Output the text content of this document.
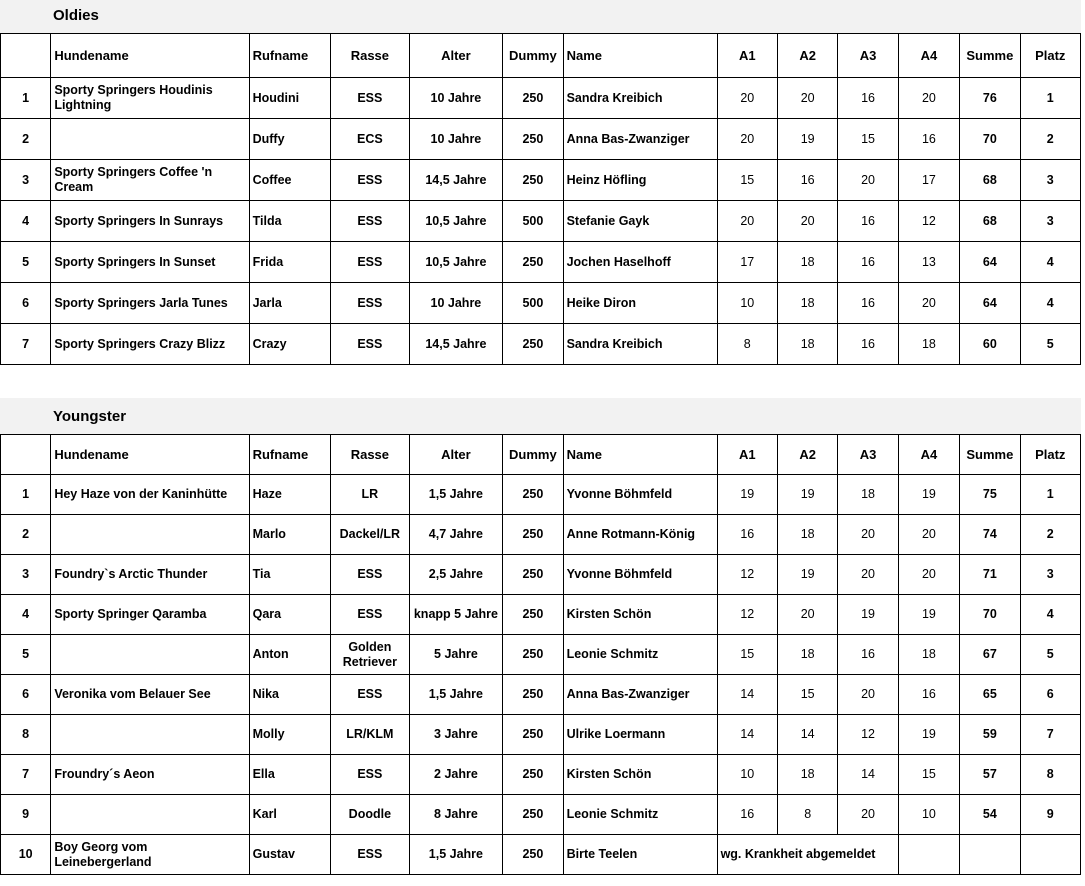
Oldies
	Hundename	Rufname	Rasse	Alter	Dummy	Name	A1	A2	A3	A4	Summe	Platz
1	Sporty Springers Houdinis Lightning	Houdini	ESS	10 Jahre	250	Sandra Kreibich	20	20	16	20	76	1
2		Duffy	ECS	10 Jahre	250	Anna Bas-Zwanziger	20	19	15	16	70	2
3	Sporty Springers Coffee 'n Cream	Coffee	ESS	14,5 Jahre	250	Heinz Höfling	15	16	20	17	68	3
4	Sporty Springers In Sunrays	Tilda	ESS	10,5 Jahre	500	Stefanie Gayk	20	20	16	12	68	3
5	Sporty Springers In Sunset	Frida	ESS	10,5 Jahre	250	Jochen Haselhoff	17	18	16	13	64	4
6	Sporty Springers Jarla Tunes	Jarla	ESS	10 Jahre	500	Heike Diron	10	18	16	20	64	4
7	Sporty Springers Crazy Blizz	Crazy	ESS	14,5 Jahre	250	Sandra Kreibich	8	18	16	18	60	5
Youngster
	Hundename	Rufname	Rasse	Alter	Dummy	Name	A1	A2	A3	A4	Summe	Platz
1	Hey Haze von der Kaninhütte	Haze	LR	1,5 Jahre	250	Yvonne Böhmfeld	19	19	18	19	75	1
2		Marlo	Dackel/LR	4,7 Jahre	250	Anne Rotmann-König	16	18	20	20	74	2
3	Foundry`s Arctic Thunder	Tia	ESS	2,5 Jahre	250	Yvonne Böhmfeld	12	19	20	20	71	3
4	Sporty Springer Qaramba	Qara	ESS	knapp 5 Jahre	250	Kirsten Schön	12	20	19	19	70	4
5		Anton	Golden Retriever	5 Jahre	250	Leonie Schmitz	15	18	16	18	67	5
6	Veronika vom Belauer See	Nika	ESS	1,5 Jahre	250	Anna Bas-Zwanziger	14	15	20	16	65	6
8		Molly	LR/KLM	3 Jahre	250	Ulrike Loermann	14	14	12	19	59	7
7	Froundry´s Aeon	Ella	ESS	2 Jahre	250	Kirsten Schön	10	18	14	15	57	8
9		Karl	Doodle	8 Jahre	250	Leonie Schmitz	16	8	20	10	54	9
10	Boy Georg vom Leinebergerland	Gustav	ESS	1,5 Jahre	250	Birte Teelen	wg. Krankheit abgemeldet					
